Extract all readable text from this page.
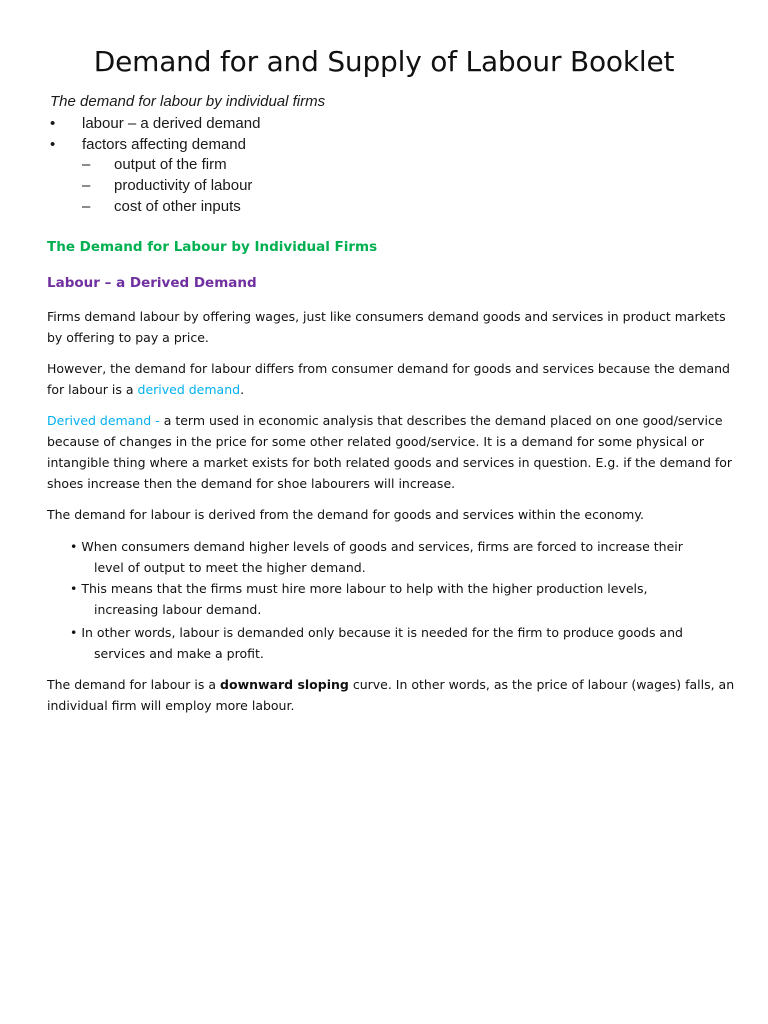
Demand for and Supply of Labour Booklet
The demand for labour by individual firms
• labour – a derived demand
• factors affecting demand
– output of the firm
– productivity of labour
– cost of other inputs
The Demand for Labour by Individual Firms
Labour – a Derived Demand

Firms demand labour by offering wages, just like consumers demand goods and services in product markets by offering to pay a price.

However, the demand for labour differs from consumer demand for goods and services because the demand for labour is a derived demand.

Derived demand - a term used in economic analysis that describes the demand placed on one good/service because of changes in the price for some other related good/service. It is a demand for some physical or intangible thing where a market exists for both related goods and services in question. E.g. if the demand for shoes increase then the demand for shoe labourers will increase.

The demand for labour is derived from the demand for goods and services within the economy.

• When consumers demand higher levels of goods and services, firms are forced to increase their
level of output to meet the higher demand.
• This means that the firms must hire more labour to help with the higher production levels,
increasing labour demand.
• In other words, labour is demanded only because it is needed for the firm to produce goods and
services and make a profit.

The demand for labour is a downward sloping curve. In other words, as the price of labour (wages) falls, an individual firm will employ more labour.
